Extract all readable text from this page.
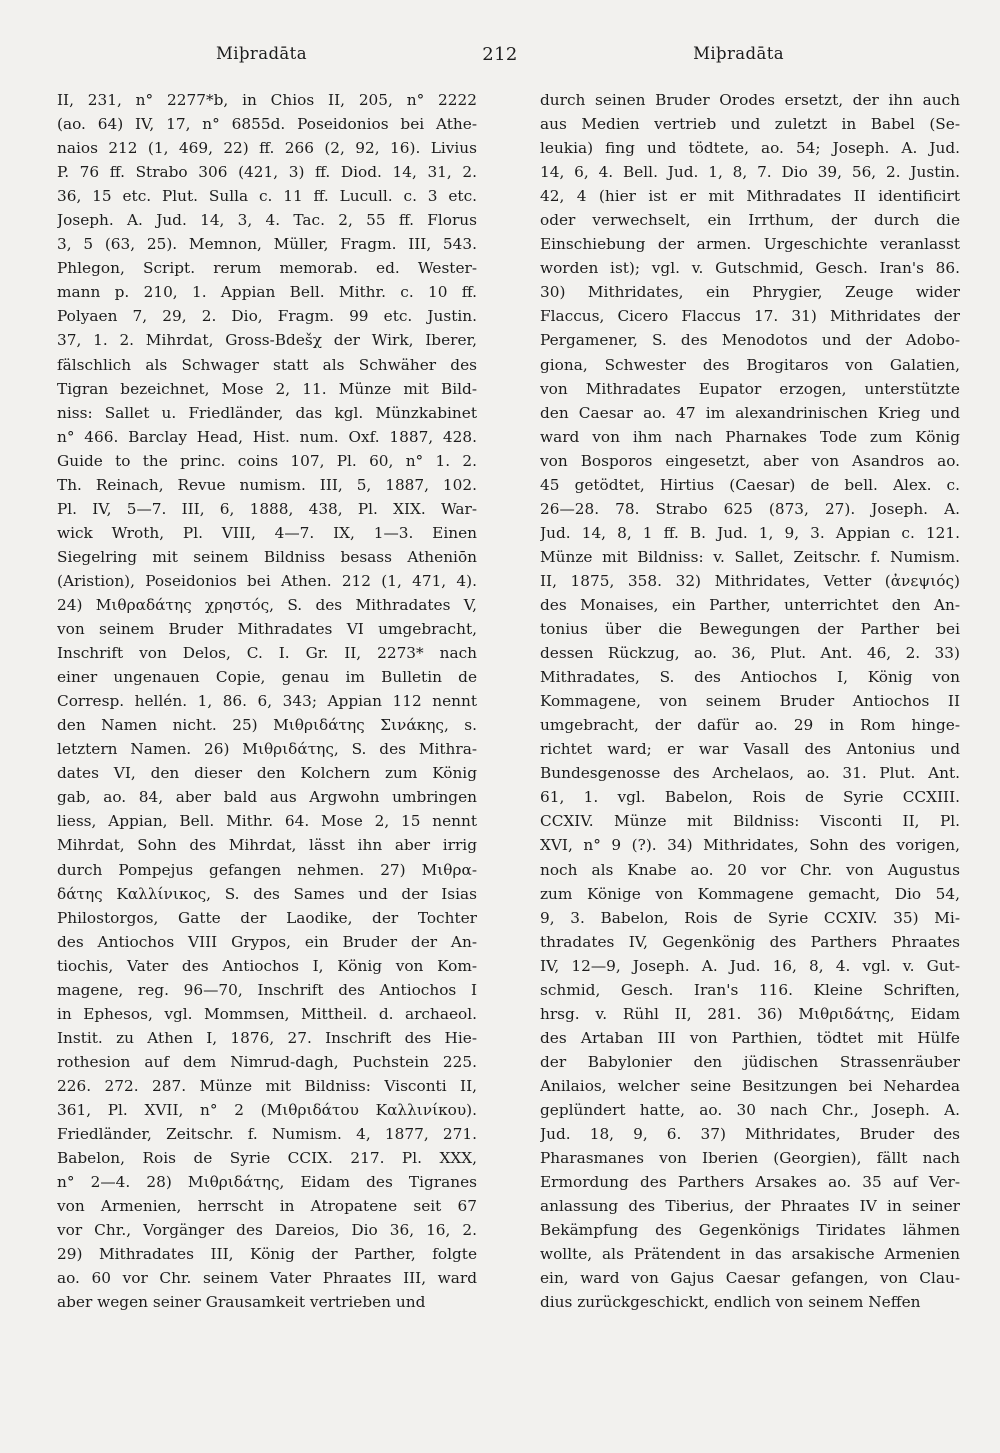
212
Miþradāta	Miþradāta
II, 231, n° 2277*b, in Chios II, 205, n° 2222
(ao. 64) IV, 17, n° 6855d. Poseidonios bei Athe-
naios 212 (1, 469, 22) ff. 266 (2, 92, 16). Livius
P. 76 ff. Strabo 306 (421, 3) ff. Diod. 14, 31, 2.
36, 15 etc. Plut. Sulla c. 11 ff. Lucull. c. 3 etc.
Joseph. A. Jud. 14, 3, 4. Tac. 2, 55 ff. Florus
3, 5 (63, 25). Memnon, Müller, Fragm. III, 543.
Phlegon, Script. rerum memorab. ed. Wester-
mann p. 210, 1. Appian Bell. Mithr. c. 10 ff.
Polyaen 7, 29, 2. Dio, Fragm. 99 etc. Justin.
37, 1. 2. Mihrdat, Gross-Bdešχ der Wirk, Iberer,
fälschlich als Schwager statt als Schwäher des
Tigran bezeichnet, Mose 2, 11. Münze mit Bild-
niss: Sallet u. Friedländer, das kgl. Münzkabinet
n° 466. Barclay Head, Hist. num. Oxf. 1887, 428.
Guide to the princ. coins 107, Pl. 60, n° 1. 2.
Th. Reinach, Revue numism. III, 5, 1887, 102.
Pl. IV, 5—7. III, 6, 1888, 438, Pl. XIX. War-
wick Wroth, Pl. VIII, 4—7. IX, 1—3. Einen
Siegelring mit seinem Bildniss besass Atheniōn
(Aristion), Poseidonios bei Athen. 212 (1, 471, 4).
24) Μιθραδάτης χρηστός, S. des Mithradates V,
von seinem Bruder Mithradates VI umgebracht,
Inschrift von Delos, C. I. Gr. II, 2273* nach
einer ungenauen Copie, genau im Bulletin de
Corresp. hellén. 1, 86. 6, 343; Appian 112 nennt
den Namen nicht. 25) Μιθριδάτης Σινάκης, s.
letztern Namen. 26) Μιθριδάτης, S. des Mithra-
dates VI, den dieser den Kolchern zum König
gab, ao. 84, aber bald aus Argwohn umbringen
liess, Appian, Bell. Mithr. 64. Mose 2, 15 nennt
Mihrdat, Sohn des Mihrdat, lässt ihn aber irrig
durch Pompejus gefangen nehmen. 27) Μιθρα-
δάτης Καλλίνικος, S. des Sames und der Isias
Philostorgos, Gatte der Laodike, der Tochter
des Antiochos VIII Grypos, ein Bruder der An-
tiochis, Vater des Antiochos I, König von Kom-
magene, reg. 96—70, Inschrift des Antiochos I
in Ephesos, vgl. Mommsen, Mittheil. d. archaeol.
Instit. zu Athen I, 1876, 27. Inschrift des Hie-
rothesion auf dem Nimrud-dagh, Puchstein 225.
226. 272. 287. Münze mit Bildniss: Visconti II,
361, Pl. XVII, n° 2 (Μιθριδάτου Καλλινίκου).
Friedländer, Zeitschr. f. Numism. 4, 1877, 271.
Babelon, Rois de Syrie CCIX. 217. Pl. XXX,
n° 2—4. 28) Μιθριδάτης, Eidam des Tigranes
von Armenien, herrscht in Atropatene seit 67
vor Chr., Vorgänger des Dareios, Dio 36, 16, 2.
29) Mithradates III, König der Parther, folgte
ao. 60 vor Chr. seinem Vater Phraates III, ward
aber wegen seiner Grausamkeit vertrieben und
durch seinen Bruder Orodes ersetzt, der ihn auch
aus Medien vertrieb und zuletzt in Babel (Se-
leukia) fing und tödtete, ao. 54; Joseph. A. Jud.
14, 6, 4. Bell. Jud. 1, 8, 7. Dio 39, 56, 2. Justin.
42, 4 (hier ist er mit Mithradates II identificirt
oder verwechselt, ein Irrthum, der durch die
Einschiebung der armen. Urgeschichte veranlasst
worden ist); vgl. v. Gutschmid, Gesch. Iran's 86.
30) Mithridates, ein Phrygier, Zeuge wider
Flaccus, Cicero Flaccus 17. 31) Mithridates der
Pergamener, S. des Menodotos und der Adobo-
giona, Schwester des Brogitaros von Galatien,
von Mithradates Eupator erzogen, unterstützte
den Caesar ao. 47 im alexandrinischen Krieg und
ward von ihm nach Pharnakes Tode zum König
von Bosporos eingesetzt, aber von Asandros ao.
45 getödtet, Hirtius (Caesar) de bell. Alex. c.
26—28. 78. Strabo 625 (873, 27). Joseph. A.
Jud. 14, 8, 1 ff. B. Jud. 1, 9, 3. Appian c. 121.
Münze mit Bildniss: v. Sallet, Zeitschr. f. Numism.
II, 1875, 358. 32) Mithridates, Vetter (ἀνεψιός)
des Monaises, ein Parther, unterrichtet den An-
tonius über die Bewegungen der Parther bei
dessen Rückzug, ao. 36, Plut. Ant. 46, 2. 33)
Mithradates, S. des Antiochos I, König von
Kommagene, von seinem Bruder Antiochos II
umgebracht, der dafür ao. 29 in Rom hinge-
richtet ward; er war Vasall des Antonius und
Bundesgenosse des Archelaos, ao. 31. Plut. Ant.
61, 1. vgl. Babelon, Rois de Syrie CCXIII.
CCXIV. Münze mit Bildniss: Visconti II, Pl.
XVI, n° 9 (?). 34) Mithridates, Sohn des vorigen,
noch als Knabe ao. 20 vor Chr. von Augustus
zum Könige von Kommagene gemacht, Dio 54,
9, 3. Babelon, Rois de Syrie CCXIV. 35) Mi-
thradates IV, Gegenkönig des Parthers Phraates
IV, 12—9, Joseph. A. Jud. 16, 8, 4. vgl. v. Gut-
schmid, Gesch. Iran's 116. Kleine Schriften,
hrsg. v. Rühl II, 281. 36) Μιθριδάτης, Eidam
des Artaban III von Parthien, tödtet mit Hülfe
der Babylonier den jüdischen Strassenräuber
Anilaios, welcher seine Besitzungen bei Nehardea
geplündert hatte, ao. 30 nach Chr., Joseph. A.
Jud. 18, 9, 6. 37) Mithridates, Bruder des
Pharasmanes von Iberien (Georgien), fällt nach
Ermordung des Parthers Arsakes ao. 35 auf Ver-
anlassung des Tiberius, der Phraates IV in seiner
Bekämpfung des Gegenkönigs Tiridates lähmen
wollte, als Prätendent in das arsakische Armenien
ein, ward von Gajus Caesar gefangen, von Clau-
dius zurückgeschickt, endlich von seinem Neffen
